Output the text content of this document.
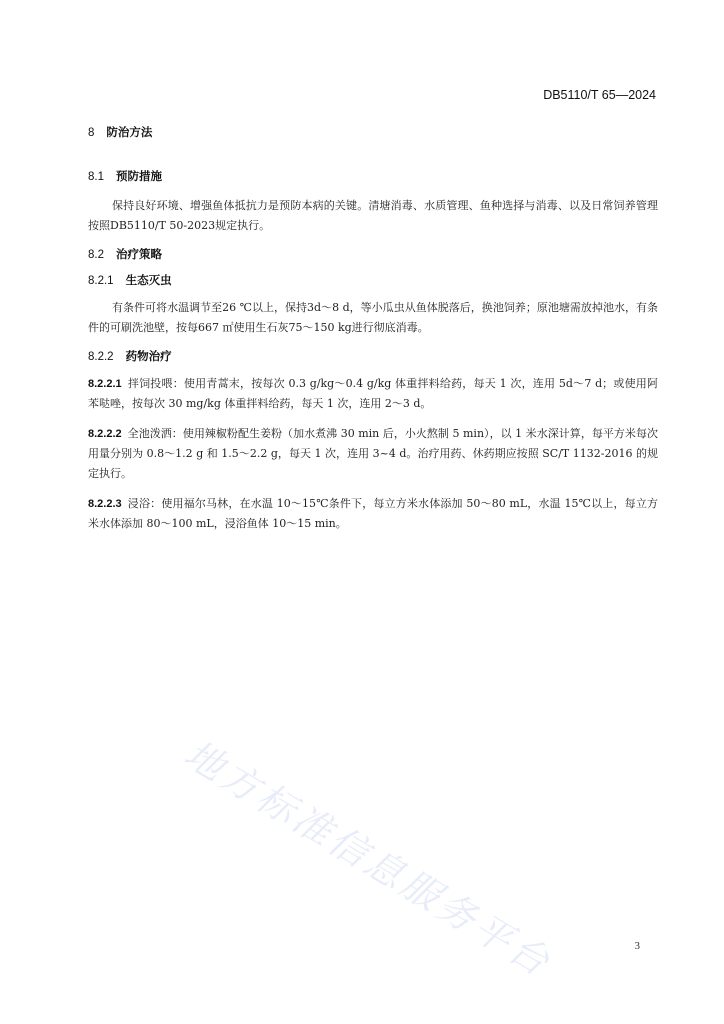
DB5110/T 65—2024
8 防治方法
8.1 预防措施

保持良好环境、增强鱼体抵抗力是预防本病的关键。清塘消毒、水质管理、鱼种选择与消毒、以及日常饲养管理按照DB5110/T 50-2023规定执行。

8.2 治疗策略
8.2.1 生态灭虫

有条件可将水温调节至26 ℃以上，保持3d～8 d，等小瓜虫从鱼体脱落后，换池饲养；原池塘需放掉池水，有条件的可刷洗池壁，按每667 ㎡使用生石灰75～150 kg进行彻底消毒。

8.2.2 药物治疗

8.2.2.1 拌饲投喂：使用青蒿末，按每次 0.3 g/kg～0.4 g/kg 体重拌料给药，每天 1 次，连用 5d～7 d；或使用阿苯哒唑，按每次 30 mg/kg 体重拌料给药，每天 1 次，连用 2～3 d。

8.2.2.2 全池泼洒：使用辣椒粉配生姜粉（加水煮沸 30 min 后，小火熬制 5 min），以 1 米水深计算，每平方米每次用量分别为 0.8～1.2 g 和 1.5～2.2 g，每天 1 次，连用 3~4 d。治疗用药、休药期应按照 SC/T 1132-2016 的规定执行。

8.2.2.3 浸浴：使用福尔马林，在水温 10～15℃条件下，每立方米水体添加 50～80 mL，水温 15℃以上，每立方米水体添加 80～100 mL，浸浴鱼体 10～15 min。

地方标准信息服务平台	3
